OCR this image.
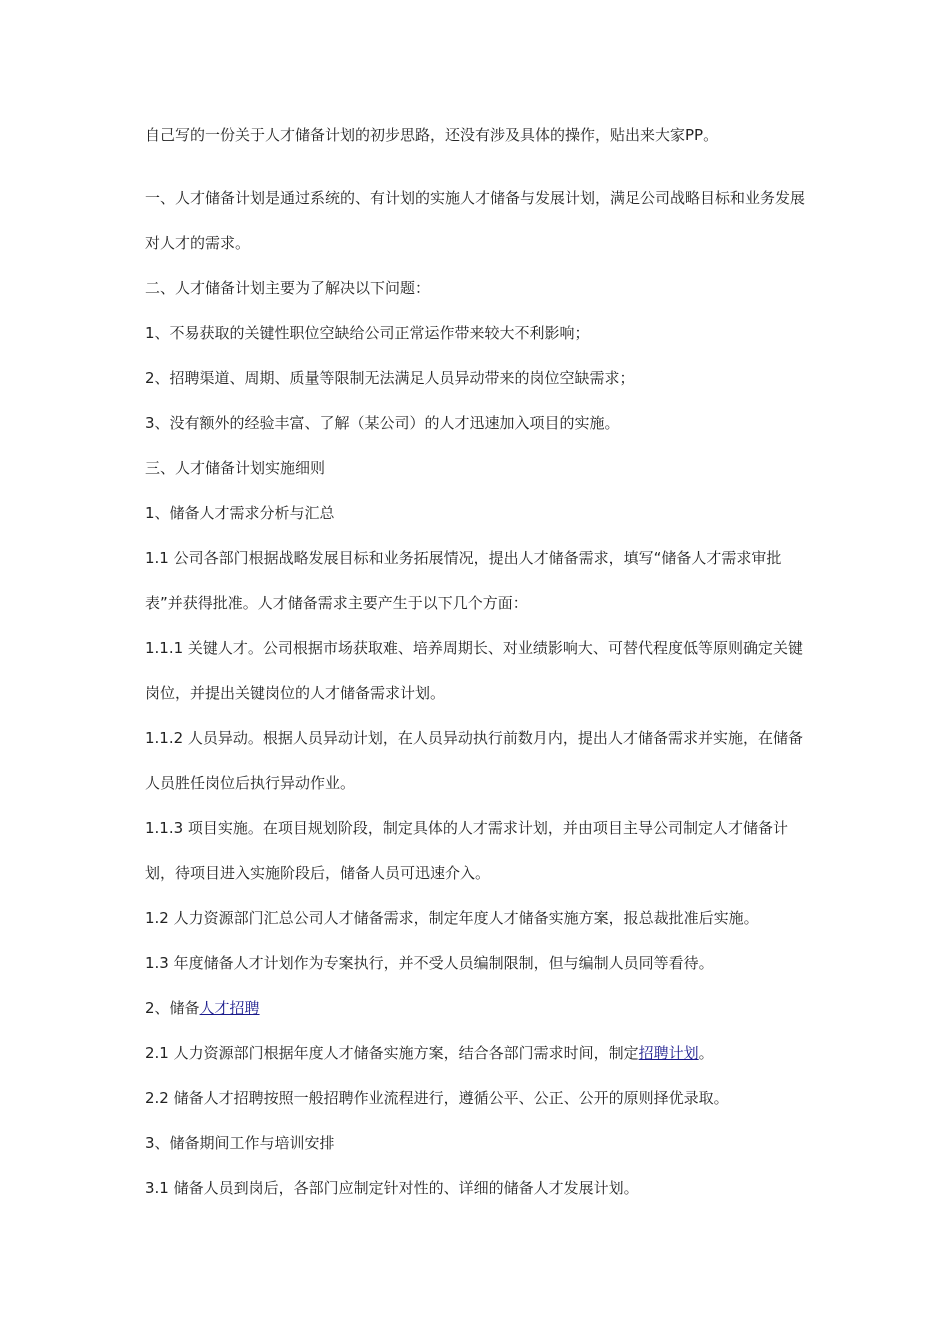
自己写的一份关于人才储备计划的初步思路，还没有涉及具体的操作，贴出来大家PP。

一、人才储备计划是通过系统的、有计划的实施人才储备与发展计划，满足公司战略目标和业务发展对人才的需求。

二、人才储备计划主要为了解决以下问题：

1、不易获取的关键性职位空缺给公司正常运作带来较大不利影响；

2、招聘渠道、周期、质量等限制无法满足人员异动带来的岗位空缺需求；

3、没有额外的经验丰富、了解（某公司）的人才迅速加入项目的实施。

三、人才储备计划实施细则

1、储备人才需求分析与汇总

1.1 公司各部门根据战略发展目标和业务拓展情况，提出人才储备需求，填写“储备人才需求审批表”并获得批准。人才储备需求主要产生于以下几个方面：

1.1.1 关键人才。公司根据市场获取难、培养周期长、对业绩影响大、可替代程度低等原则确定关键岗位，并提出关键岗位的人才储备需求计划。

1.1.2 人员异动。根据人员异动计划，在人员异动执行前数月内，提出人才储备需求并实施，在储备人员胜任岗位后执行异动作业。

1.1.3 项目实施。在项目规划阶段，制定具体的人才需求计划，并由项目主导公司制定人才储备计划，待项目进入实施阶段后，储备人员可迅速介入。

1.2 人力资源部门汇总公司人才储备需求，制定年度人才储备实施方案，报总裁批准后实施。

1.3 年度储备人才计划作为专案执行，并不受人员编制限制，但与编制人员同等看待。

2、储备人才招聘

2.1 人力资源部门根据年度人才储备实施方案，结合各部门需求时间，制定招聘计划。

2.2 储备人才招聘按照一般招聘作业流程进行，遵循公平、公正、公开的原则择优录取。

3、储备期间工作与培训安排

3.1 储备人员到岗后，各部门应制定针对性的、详细的储备人才发展计划。
